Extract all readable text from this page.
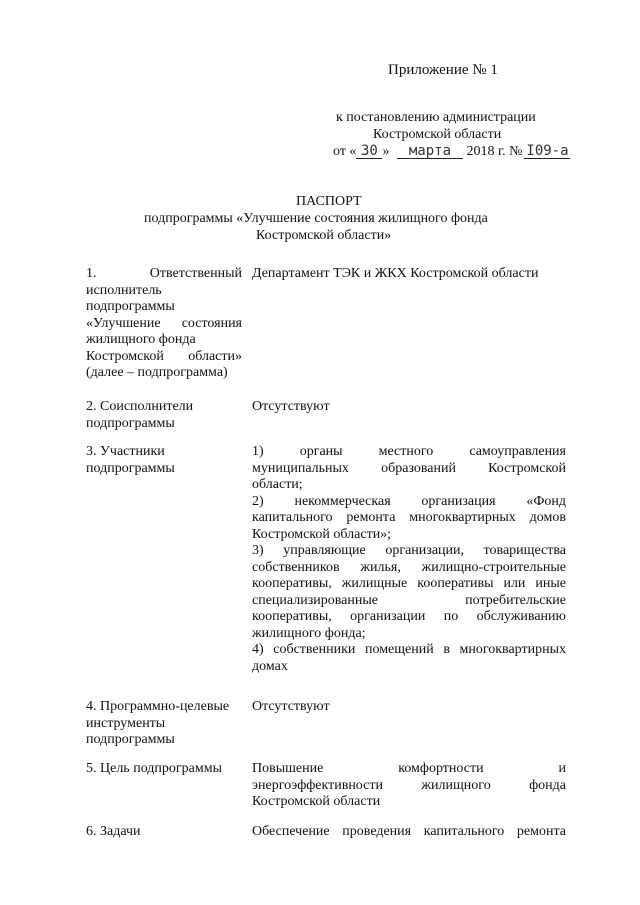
Приложение № 1
к постановлению администрации
Костромской области
от « 30 » марта 2018 г. № I09-а
ПАСПОРТ
подпрограммы «Улучшение состояния жилищного фонда
Костромской области»
1. Ответственный
исполнитель
подпрограммы
«Улучшение состояния
жилищного фонда
Костромской области»
(далее – подпрограмма)
Департамент ТЭК и ЖКХ Костромской области
2. Соисполнители
подпрограммы
Отсутствуют
3. Участники
подпрограммы
1) органы местного самоуправления
муниципальных образований Костромской
области;
2) некоммерческая организация «Фонд
капитального ремонта многоквартирных домов
Костромской области»;
3) управляющие организации, товарищества
собственников жилья, жилищно-строительные
кооперативы, жилищные кооперативы или иные
специализированные потребительские
кооперативы, организации по обслуживанию
жилищного фонда;
4) собственники помещений в многоквартирных
домах
4. Программно-целевые
инструменты
подпрограммы
Отсутствуют
5. Цель подпрограммы	Повышение комфортности и
энергоэффективности жилищного фонда
Костромской области
6. Задачи	Обеспечение проведения капитального ремонта
